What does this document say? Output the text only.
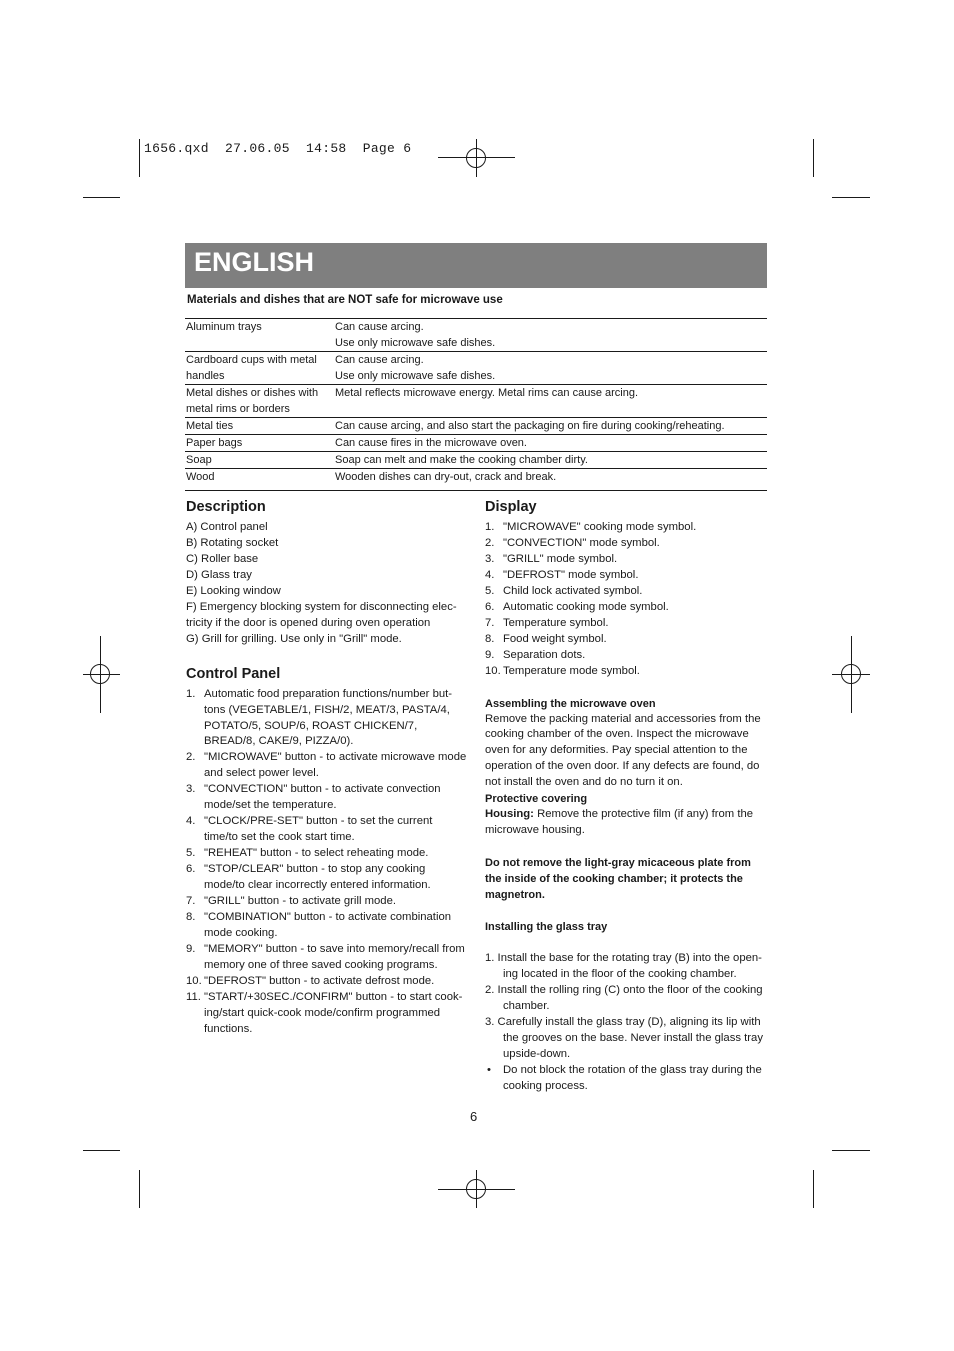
1656.qxd  27.06.05  14:58  Page 6
ENGLISH
Materials and dishes that are NOT safe for microwave use
Aluminum trays	Can cause arcing.
Use only microwave safe dishes.
Cardboard cups with metal handles	Can cause arcing.
Use only microwave safe dishes.
Metal dishes or dishes with metal rims or borders	Metal reflects microwave energy. Metal rims can cause arcing.
Metal ties	Can cause arcing, and also start the packaging on fire during cooking/reheating.
Paper bags	Can cause fires in the microwave oven.
Soap	Soap can melt and make the cooking chamber dirty.
Wood	Wooden dishes can dry-out, crack and break.
Description
A) Control panel
B) Rotating socket
C) Roller base
D) Glass tray
E) Looking window
F) Emergency blocking system for disconnecting elec-tricity if the door is opened during oven operation
G) Grill for grilling. Use only in "Grill" mode.
Control Panel
1. Automatic food preparation functions/number but-tons (VEGETABLE/1, FISH/2, MEAT/3, PASTA/4, POTATO/5, SOUP/6, ROAST CHICKEN/7, BREAD/8, CAKE/9, PIZZA/0).
2. "MICROWAVE" button - to activate microwave mode and select power level.
3. "CONVECTION" button - to activate convection mode/set the temperature.
4. "CLOCK/PRE-SET" button - to set the current time/to set the cook start time.
5. "REHEAT" button - to select reheating mode.
6. "STOP/CLEAR" button - to stop any cooking mode/to clear incorrectly entered information.
7. "GRILL" button - to activate grill mode.
8. "COMBINATION" button - to activate combination mode cooking.
9. "MEMORY" button - to save into memory/recall from memory one of three saved cooking programs.
10. "DEFROST" button - to activate defrost mode.
11. "START/+30SEC./CONFIRM" button - to start cook-ing/start quick-cook mode/confirm programmed functions.
Display
1. "MICROWAVE" cooking mode symbol.
2. "CONVECTION" mode symbol.
3. "GRILL" mode symbol.
4. "DEFROST" mode symbol.
5. Child lock activated symbol.
6. Automatic cooking mode symbol.
7. Temperature symbol.
8. Food weight symbol.
9. Separation dots.
10. Temperature mode symbol.
Assembling the microwave oven

Remove the packing material and accessories from the cooking chamber of the oven. Inspect the microwave oven for any deformities. Pay special attention to the operation of the oven door. If any defects are found, do not install the oven and do no turn it on.

Protective covering

Housing: Remove the protective film (if any) from the microwave housing.

Do not remove the light-gray micaceous plate from the inside of the cooking chamber; it protects the magnetron.

Installing the glass tray
1. Install the base for the rotating tray (B) into the open-ing located in the floor of the cooking chamber.
2. Install the rolling ring (C) onto the floor of the cooking chamber.
3. Carefully install the glass tray (D), aligning its lip with the grooves on the base. Never install the glass tray upside-down.
• Do not block the rotation of the glass tray during the cooking process.
6
